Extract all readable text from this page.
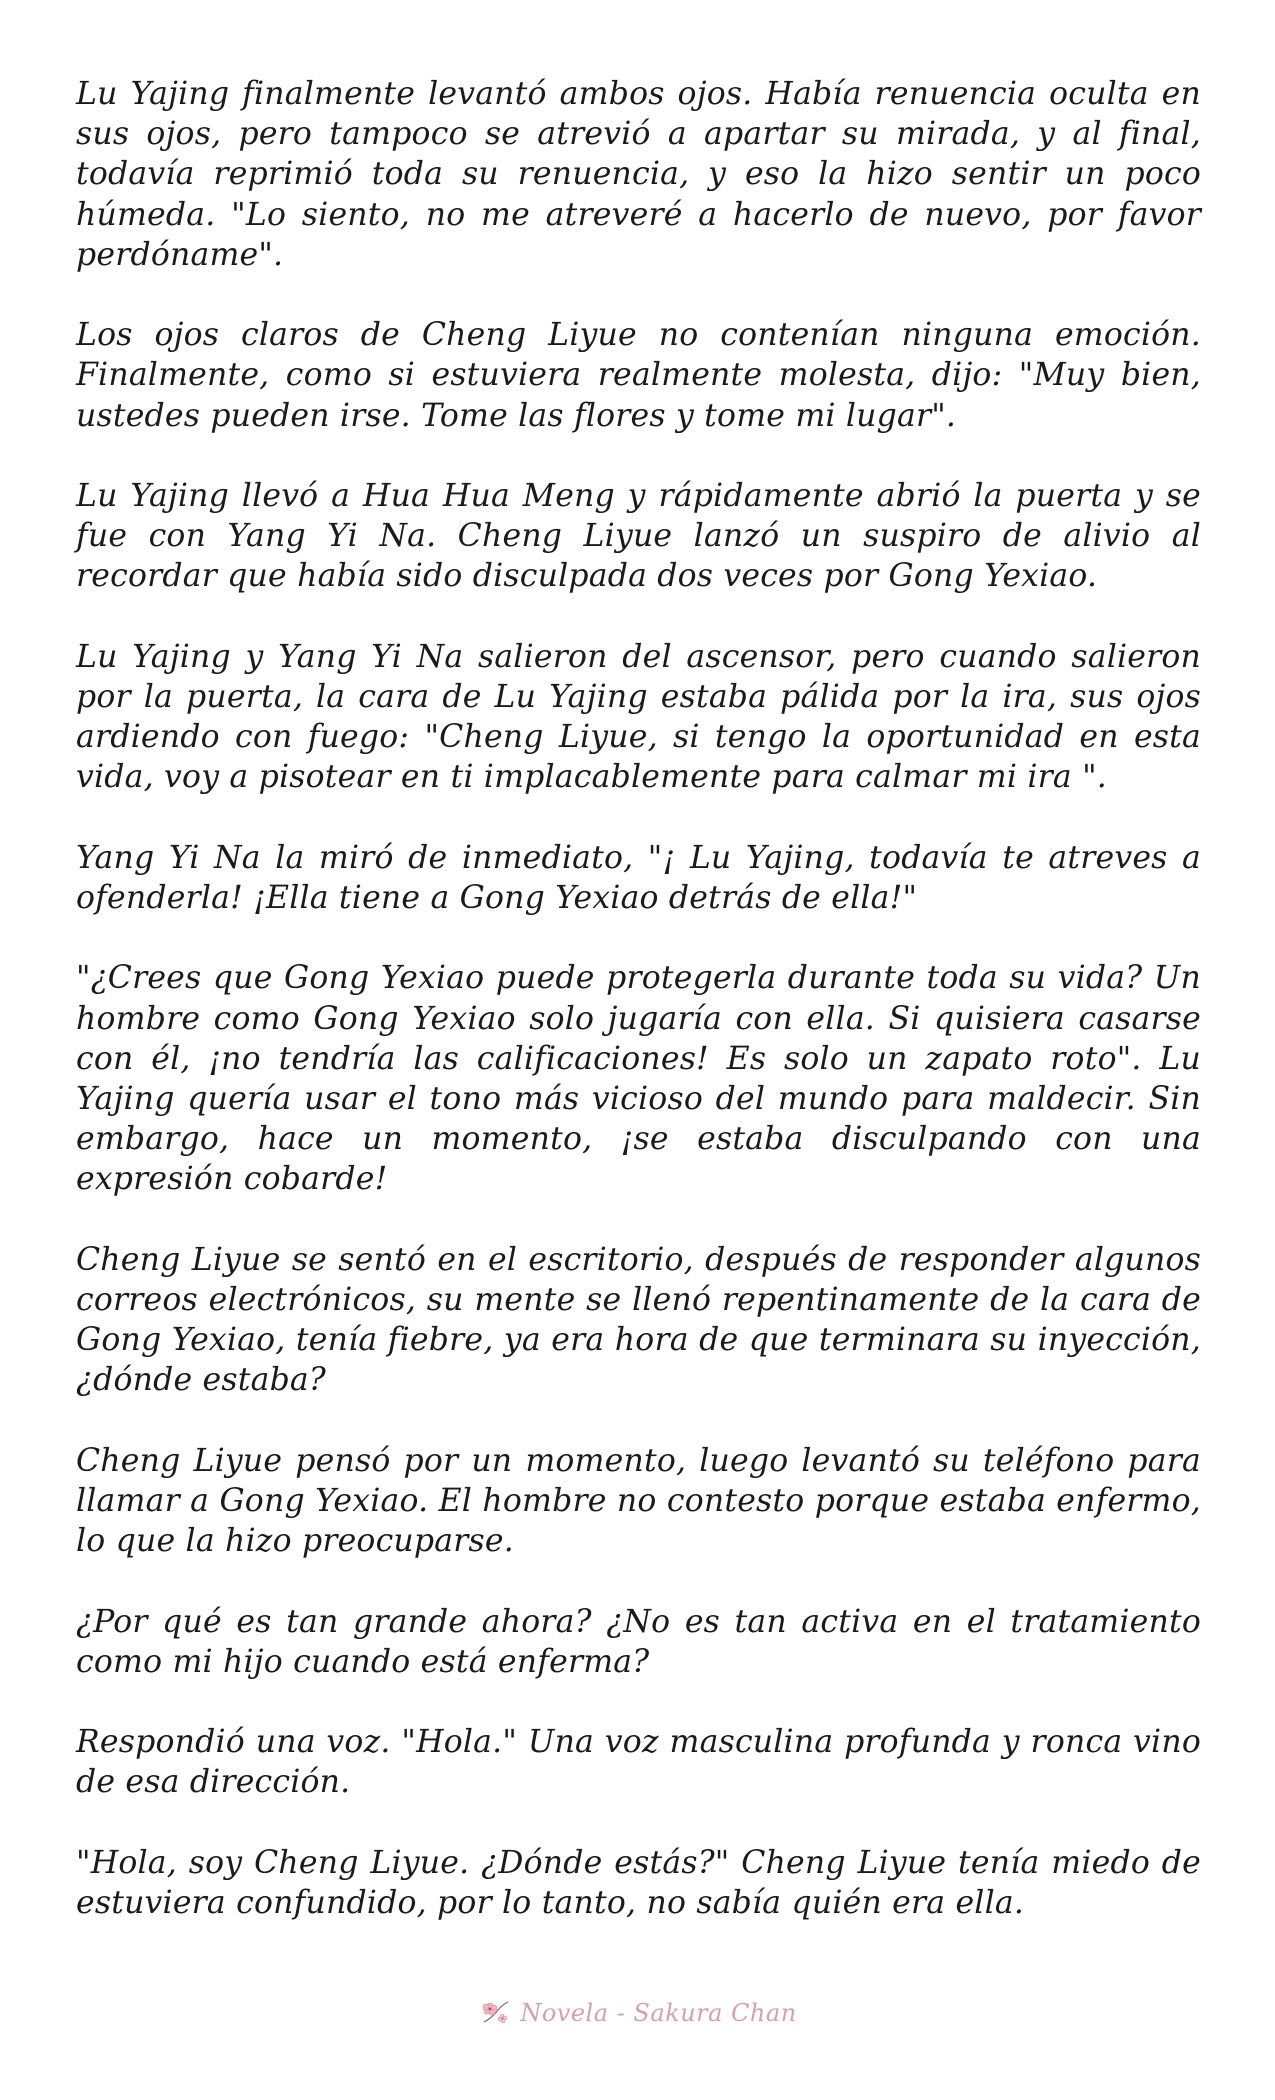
Lu Yajing finalmente levantó ambos ojos. Había renuencia oculta en sus ojos, pero tampoco se atrevió a apartar su mirada, y al final, todavía reprimió toda su renuencia, y eso la hizo sentir un poco húmeda. "Lo siento, no me atreveré a hacerlo de nuevo, por favor perdóname".

Los ojos claros de Cheng Liyue no contenían ninguna emoción. Finalmente, como si estuviera realmente molesta, dijo: "Muy bien, ustedes pueden irse. Tome las flores y tome mi lugar".

Lu Yajing llevó a Hua Hua Meng y rápidamente abrió la puerta y se fue con Yang Yi Na. Cheng Liyue lanzó un suspiro de alivio al recordar que había sido disculpada dos veces por Gong Yexiao.

Lu Yajing y Yang Yi Na salieron del ascensor, pero cuando salieron por la puerta, la cara de Lu Yajing estaba pálida por la ira, sus ojos ardiendo con fuego: "Cheng Liyue, si tengo la oportunidad en esta vida, voy a pisotear en ti implacablemente para calmar mi ira ".

Yang Yi Na la miró de inmediato, "¡ Lu Yajing, todavía te atreves a ofenderla! ¡Ella tiene a Gong Yexiao detrás de ella!"

"¿Crees que Gong Yexiao puede protegerla durante toda su vida? Un hombre como Gong Yexiao solo jugaría con ella. Si quisiera casarse con él, ¡no tendría las calificaciones! Es solo un zapato roto". Lu Yajing quería usar el tono más vicioso del mundo para maldecir. Sin embargo, hace un momento, ¡se estaba disculpando con una expresión cobarde!

Cheng Liyue se sentó en el escritorio, después de responder algunos correos electrónicos, su mente se llenó repentinamente de la cara de Gong Yexiao, tenía fiebre, ya era hora de que terminara su inyección, ¿dónde estaba?

Cheng Liyue pensó por un momento, luego levantó su teléfono para llamar a Gong Yexiao. El hombre no contesto porque estaba enfermo, lo que la hizo preocuparse.

¿Por qué es tan grande ahora? ¿No es tan activa en el tratamiento como mi hijo cuando está enferma?

Respondió una voz. "Hola." Una voz masculina profunda y ronca vino de esa dirección.

"Hola, soy Cheng Liyue. ¿Dónde estás?" Cheng Liyue tenía miedo de estuviera confundido, por lo tanto, no sabía quién era ella.

Novela - Sakura Chan
